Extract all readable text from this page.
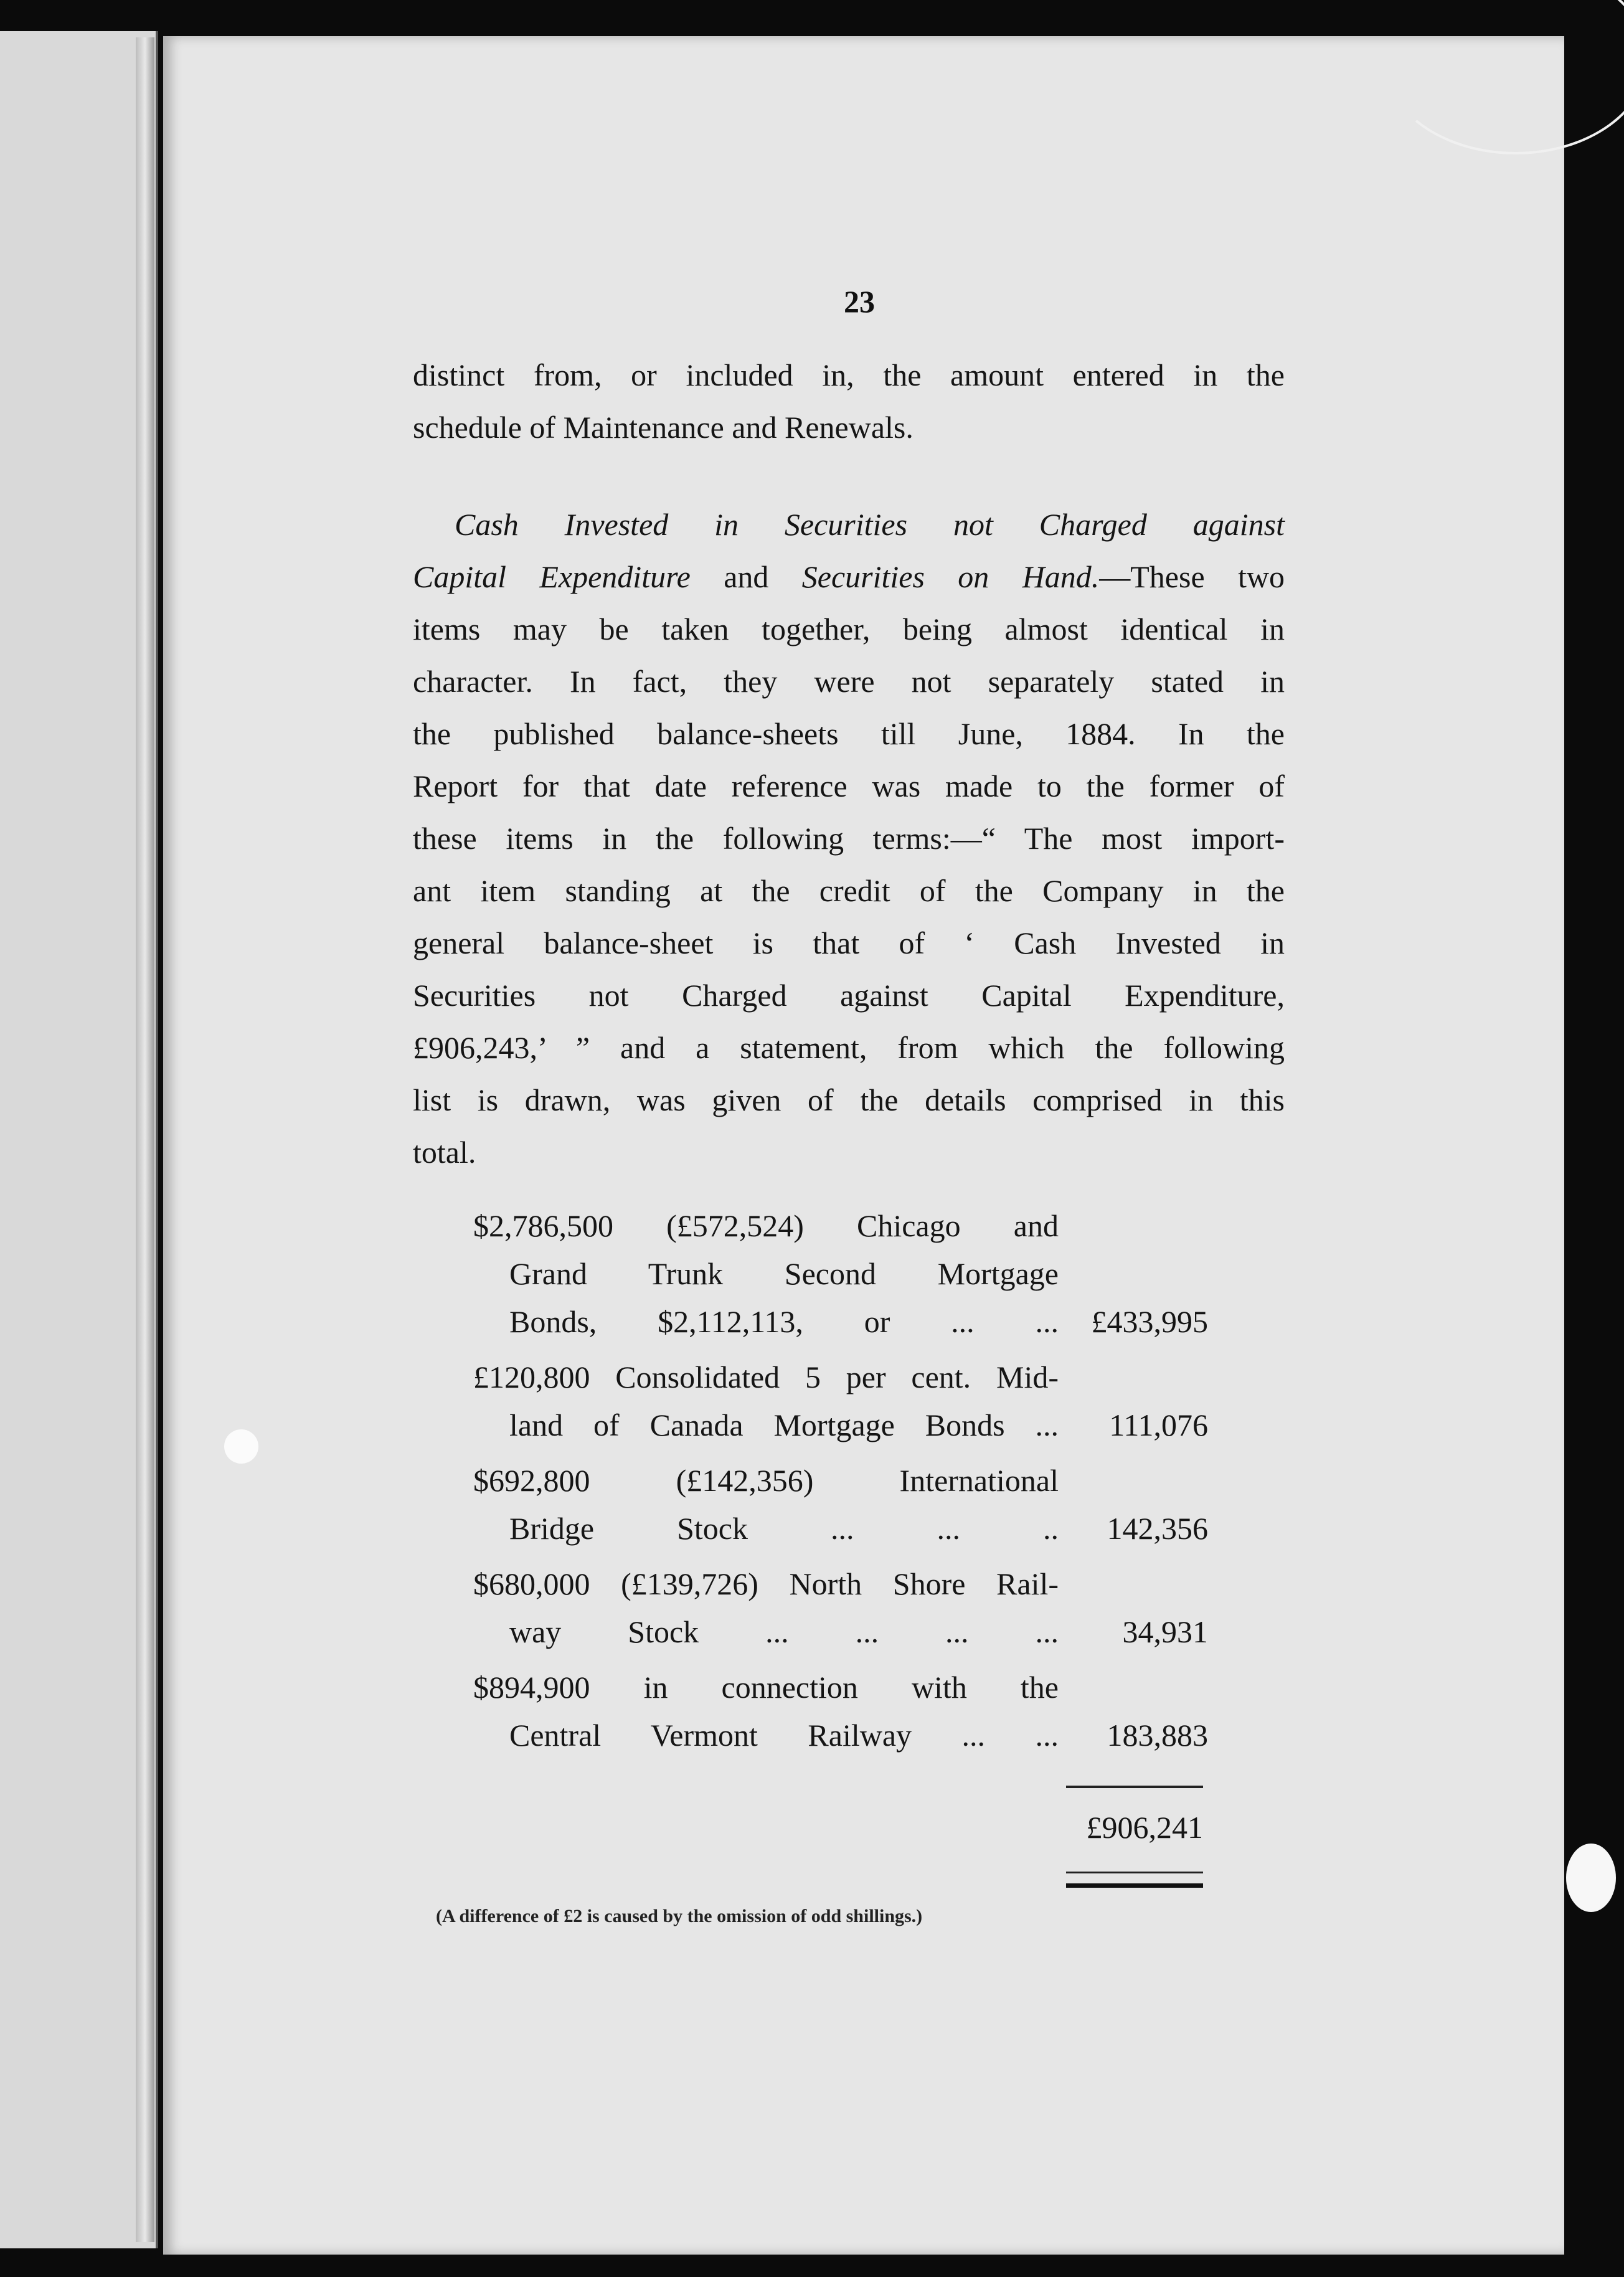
23
distinct from, or included in, the amount entered in the
schedule of Maintenance and Renewals.
Cash Invested in Securities not Charged against
Capital Expenditure and Securities on Hand.—These two
items may be taken together, being almost identical in
character. In fact, they were not separately stated in
the published balance-sheets till June, 1884. In the
Report for that date reference was made to the former of
these items in the following terms:—“ The most import-
ant item standing at the credit of the Company in the
general balance-sheet is that of ‘ Cash Invested in
Securities not Charged against Capital Expenditure,
£906,243,’ ” and a statement, from which the following
list is drawn, was given of the details comprised in this
total.
$2,786,500 (£572,524) Chicago and
Grand Trunk Second Mortgage
Bonds, $2,112,113, or ... ...	£433,995
£120,800 Consolidated 5 per cent. Mid-
land of Canada Mortgage Bonds ...	111,076
$692,800 (£142,356) International
Bridge Stock ... ... ..	142,356
$680,000 (£139,726) North Shore Rail-
way Stock ... ... ... ...	34,931
$894,900 in connection with the
Central Vermont Railway ... ...	183,883
£906,241
(A difference of £2 is caused by the omission of odd shillings.)
